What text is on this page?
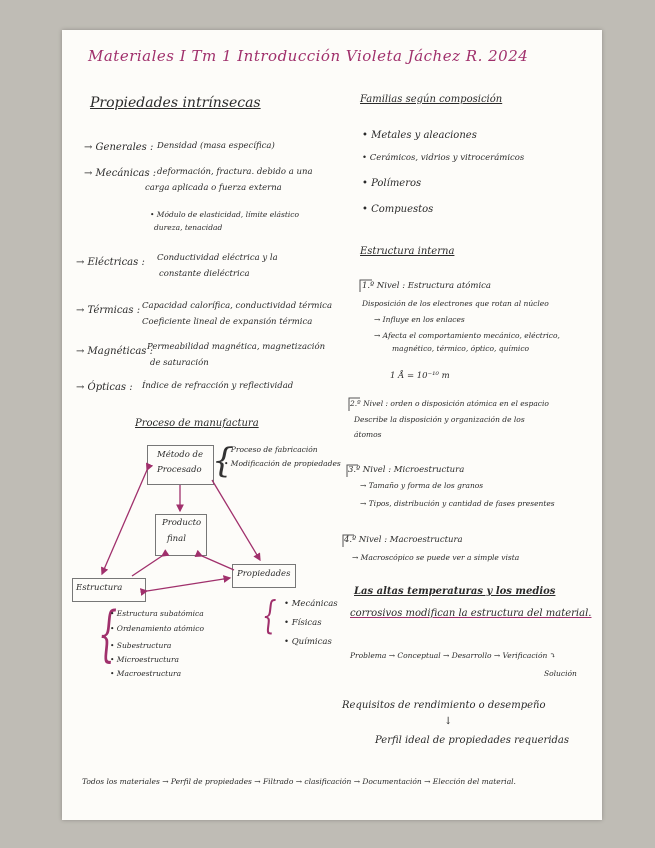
Materiales I Tm 1 Introducción Violeta Jáchez R. 2024
Propiedades intrínsecas
→ Generales : Densidad (masa específica)
→ Mecánicas : deformación, fractura. debido a una
carga aplicada o fuerza externa
• Módulo de elasticidad, límite elástico
dureza, tenacidad
→ Eléctricas : Conductividad eléctrica y la
constante dieléctrica
→ Térmicas : Capacidad calorífica, conductividad térmica
Coeficiente lineal de expansión térmica
→ Magnéticas :
Permeabilidad magnética, magnetización
de saturación
→ Ópticas : Índice de refracción y reflectividad
Proceso de manufactura
Método de
Procesado {
• Proceso de fabricación
• Modificación de propiedades
Producto
final
Estructura
Propiedades
{
• Estructura subatómica
• Ordenamiento atómico
• Subestructura
• Microestructura
• Macroestructura
{ • Mecánicas
• Físicas
• Químicas
Familias según composición
• Metales y aleaciones
• Cerámicos, vidrios y vitrocerámicos
• Polímeros
• Compuestos
Estructura interna
1.º Nivel : Estructura atómica
Disposición de los electrones que rotan al núcleo
→ Influye en los enlaces
→ Afecta el comportamiento mecánico, eléctrico,
magnético, térmico, óptico, químico
1 Å = 10⁻¹⁰ m
2.º Nivel : orden o disposición atómica en el espacio
Describe la disposición y organización de los
átomos
3.º Nivel : Microestructura
→ Tamaño y forma de los granos
→ Tipos, distribución y cantidad de fases presentes
4.º Nivel : Macroestructura
→ Macroscópico se puede ver a simple vista
Las altas temperaturas y los medios
corrosivos modifican la estructura del material.
Problema → Conceptual → Desarrollo → Verificación ⤵
Solución
Requisitos de rendimiento o desempeño
↓
Perfil ideal de propiedades requeridas
Todos los materiales → Perfil de propiedades → Filtrado → clasificación → Documentación → Elección del material.
